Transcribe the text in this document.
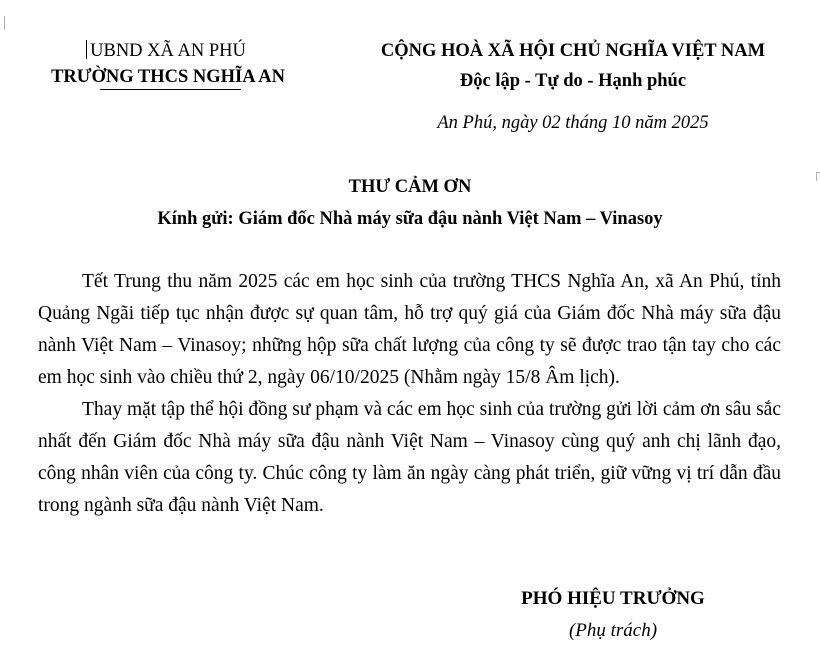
UBND XÃ AN PHÚ
TRƯỜNG THCS NGHĨA AN
CỘNG HOÀ XÃ HỘI CHỦ NGHĨA VIỆT NAM
Độc lập - Tự do - Hạnh phúc
An Phú, ngày 02 tháng 10 năm 2025
THƯ CẢM ƠN
Kính gửi: Giám đốc Nhà máy sữa đậu nành Việt Nam – Vinasoy

Tết Trung thu năm 2025 các em học sinh của trường THCS Nghĩa An, xã An Phú, tỉnh Quảng Ngãi tiếp tục nhận được sự quan tâm, hỗ trợ quý giá của Giám đốc Nhà máy sữa đậu nành Việt Nam – Vinasoy; những hộp sữa chất lượng của công ty sẽ được trao tận tay cho các em học sinh vào chiều thứ 2, ngày 06/10/2025 (Nhằm ngày 15/8 Âm lịch).

Thay mặt tập thể hội đồng sư phạm và các em học sinh của trường gửi lời cảm ơn sâu sắc nhất đến Giám đốc Nhà máy sữa đậu nành Việt Nam – Vinasoy cùng quý anh chị lãnh đạo, công nhân viên của công ty. Chúc công ty làm ăn ngày càng phát triển, giữ vững vị trí dẫn đầu trong ngành sữa đậu nành Việt Nam.

PHÓ HIỆU TRƯỞNG
(Phụ trách)
